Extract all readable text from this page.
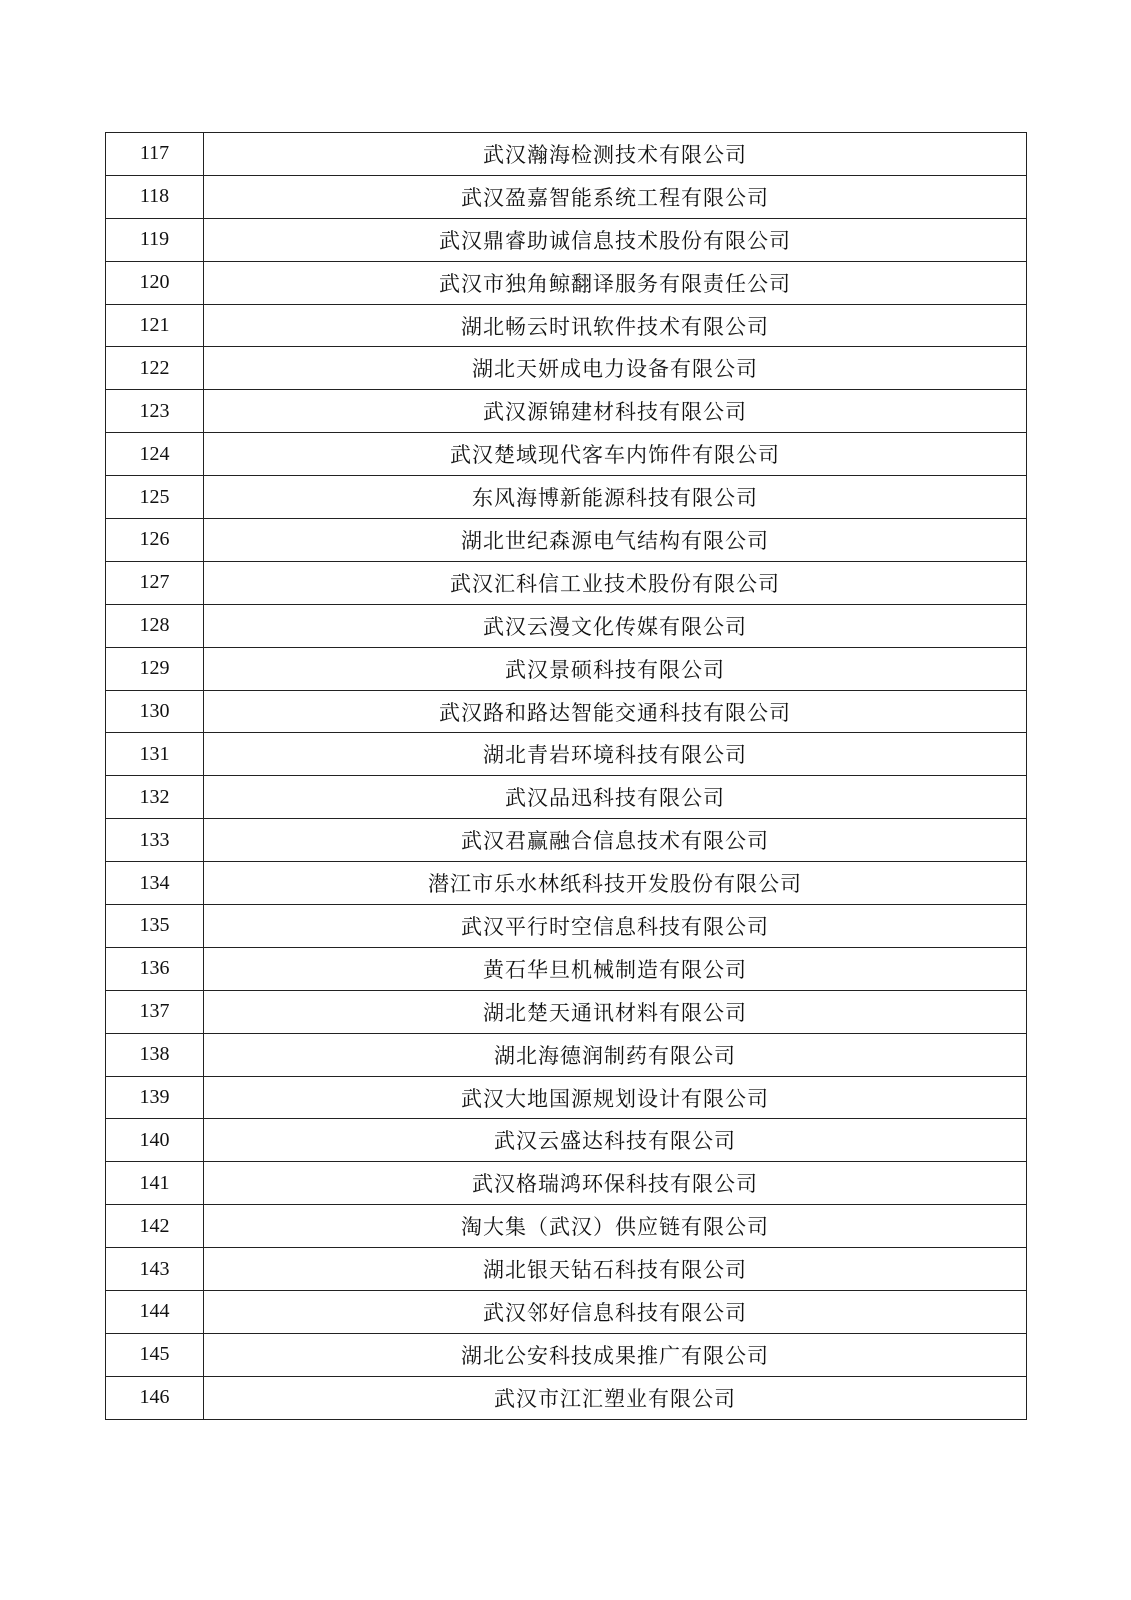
117	武汉瀚海检测技术有限公司
118	武汉盈嘉智能系统工程有限公司
119	武汉鼎睿助诚信息技术股份有限公司
120	武汉市独角鲸翻译服务有限责任公司
121	湖北畅云时讯软件技术有限公司
122	湖北天妍成电力设备有限公司
123	武汉源锦建材科技有限公司
124	武汉楚域现代客车内饰件有限公司
125	东风海博新能源科技有限公司
126	湖北世纪森源电气结构有限公司
127	武汉汇科信工业技术股份有限公司
128	武汉云漫文化传媒有限公司
129	武汉景硕科技有限公司
130	武汉路和路达智能交通科技有限公司
131	湖北青岩环境科技有限公司
132	武汉品迅科技有限公司
133	武汉君赢融合信息技术有限公司
134	潜江市乐水林纸科技开发股份有限公司
135	武汉平行时空信息科技有限公司
136	黄石华旦机械制造有限公司
137	湖北楚天通讯材料有限公司
138	湖北海德润制药有限公司
139	武汉大地国源规划设计有限公司
140	武汉云盛达科技有限公司
141	武汉格瑞鸿环保科技有限公司
142	淘大集（武汉）供应链有限公司
143	湖北银天钻石科技有限公司
144	武汉邻好信息科技有限公司
145	湖北公安科技成果推广有限公司
146	武汉市江汇塑业有限公司
